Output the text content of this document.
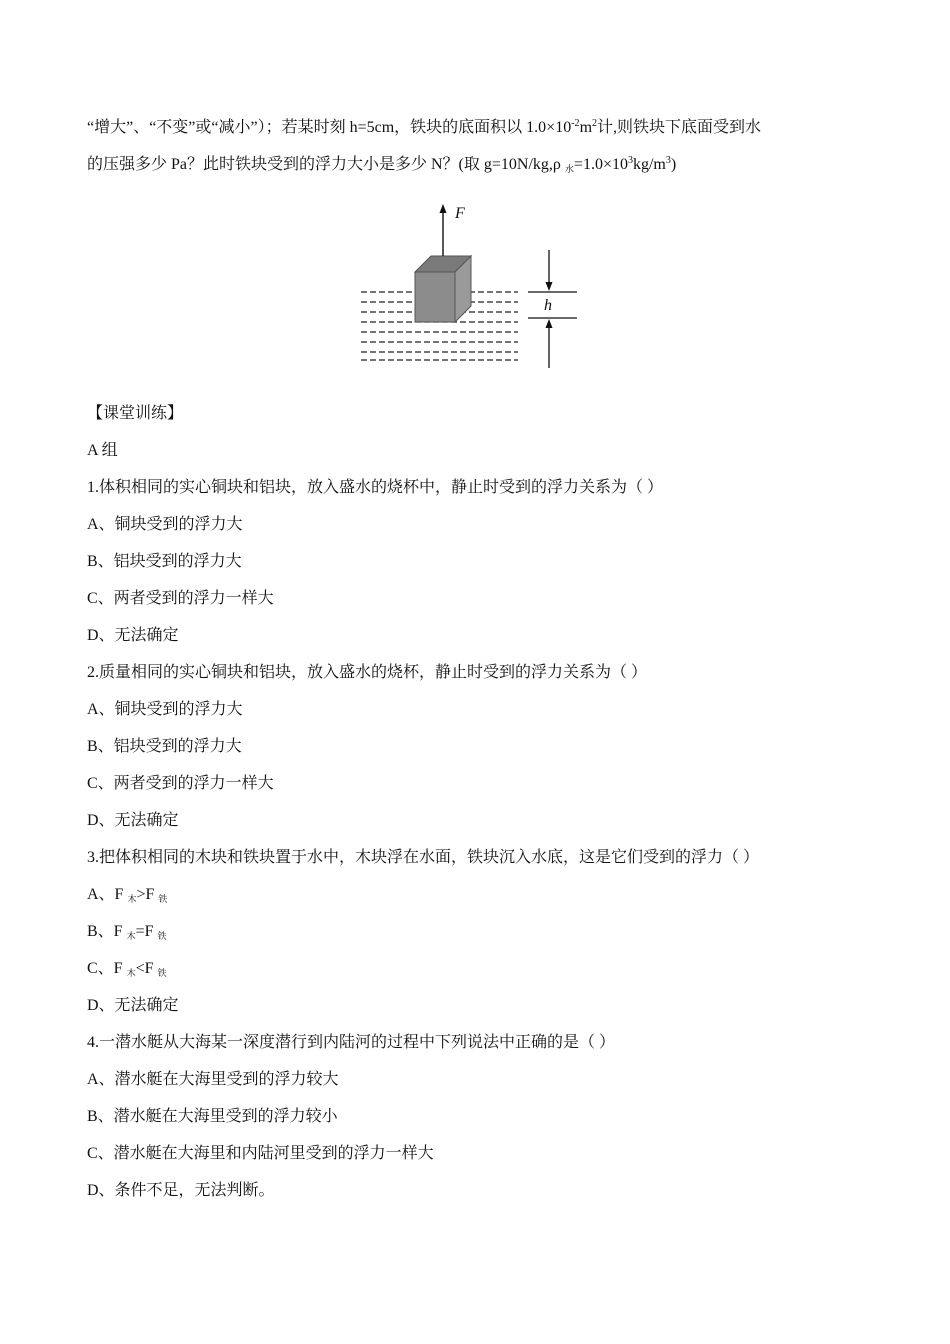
“增大”、“不变”或“减小”）；若某时刻 h=5cm，铁块的底面积以 $1.0\times 10^{-2}m^2$计,则铁块下底面受到水
的压强多少 Pa？此时铁块受到的浮力大小是多少 N？(取 g=10N/kg,ρ $_水=1.0\times 10^3kg/m^3$)
F
h
【课堂训练】
A 组
1.体积相同的实心铜块和铝块，放入盛水的烧杯中，静止时受到的浮力关系为（ ）
A、铜块受到的浮力大
B、铝块受到的浮力大
C、两者受到的浮力一样大
D、无法确定
2.质量相同的实心铜块和铝块，放入盛水的烧杯，静止时受到的浮力关系为（ ）
A、铜块受到的浮力大
B、铝块受到的浮力大
C、两者受到的浮力一样大
D、无法确定
3.把体积相同的木块和铁块置于水中，木块浮在水面，铁块沉入水底，这是它们受到的浮力（ ）
A、F $_木$>F $_铁$
B、F $_木$=F $_铁$
C、F $_木$<F $_铁$
D、无法确定
4.一潜水艇从大海某一深度潜行到内陆河的过程中下列说法中正确的是（ ）
A、潜水艇在大海里受到的浮力较大
B、潜水艇在大海里受到的浮力较小
C、潜水艇在大海里和内陆河里受到的浮力一样大
D、条件不足，无法判断。
